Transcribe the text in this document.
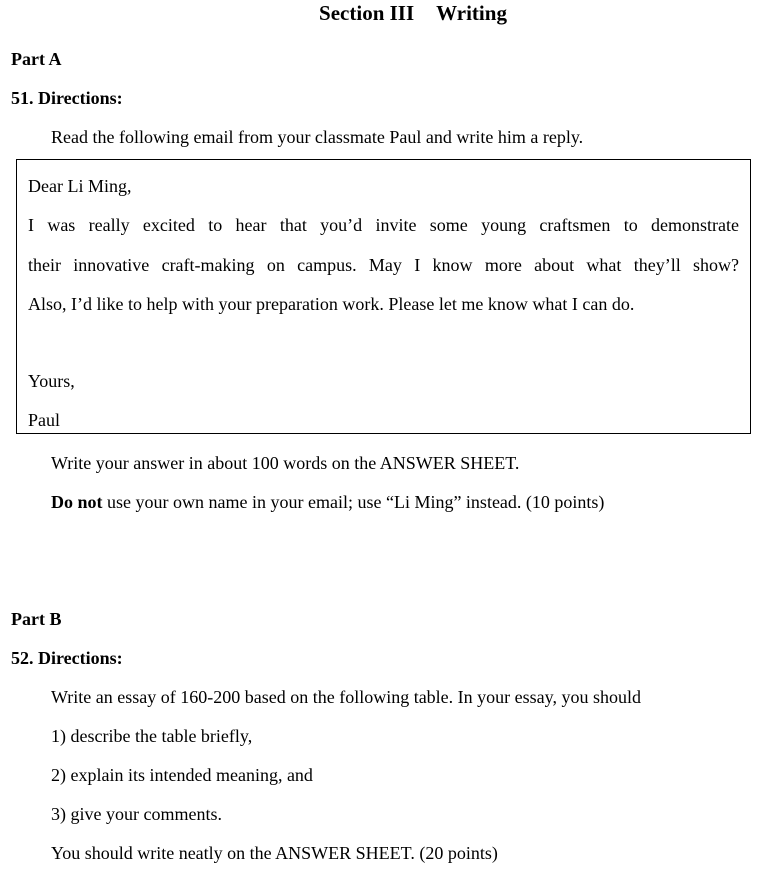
Section III Writing
Part A
51. Directions:
Read the following email from your classmate Paul and write him a reply.
Dear Li Ming,
I was really excited to hear that you’d invite some young craftsmen to demonstrate
their innovative craft-making on campus. May I know more about what they’ll show?
Also, I’d like to help with your preparation work. Please let me know what I can do.
Yours,
Paul
Write your answer in about 100 words on the ANSWER SHEET.
Do not use your own name in your email; use “Li Ming” instead. (10 points)
Part B
52. Directions:
Write an essay of 160-200 based on the following table. In your essay, you should
1) describe the table briefly,
2) explain its intended meaning, and
3) give your comments.
You should write neatly on the ANSWER SHEET. (20 points)
